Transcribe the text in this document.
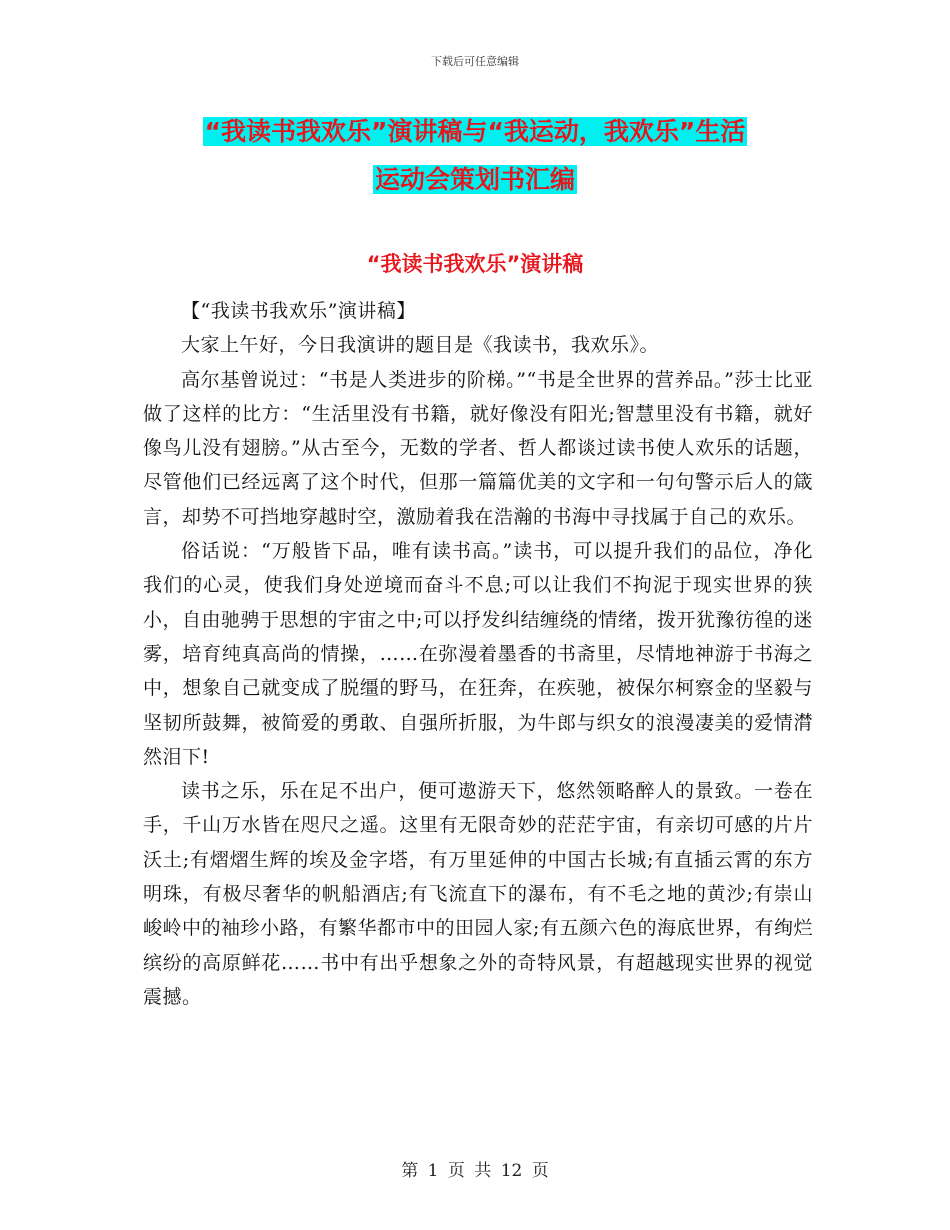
下载后可任意编辑
“我读书我欢乐”演讲稿与“我运动，我欢乐”生活
运动会策划书汇编
“我读书我欢乐”演讲稿

【“我读书我欢乐”演讲稿】

大家上午好，今日我演讲的题目是《我读书，我欢乐》。

高尔基曾说过：“书是人类进步的阶梯。”“书是全世界的营养品。”莎士比亚做了这样的比方：“生活里没有书籍，就好像没有阳光;智慧里没有书籍，就好像鸟儿没有翅膀。”从古至今，无数的学者、哲人都谈过读书使人欢乐的话题，尽管他们已经远离了这个时代，但那一篇篇优美的文字和一句句警示后人的箴言，却势不可挡地穿越时空，激励着我在浩瀚的书海中寻找属于自己的欢乐。

俗话说：“万般皆下品，唯有读书高。”读书，可以提升我们的品位，净化我们的心灵，使我们身处逆境而奋斗不息;可以让我们不拘泥于现实世界的狭小，自由驰骋于思想的宇宙之中;可以抒发纠结缠绕的情绪，拨开犹豫彷徨的迷雾，培育纯真高尚的情操，……在弥漫着墨香的书斋里，尽情地神游于书海之中，想象自己就变成了脱缰的野马，在狂奔，在疾驰，被保尔柯察金的坚毅与坚韧所鼓舞，被简爱的勇敢、自强所折服，为牛郎与织女的浪漫凄美的爱情潸然泪下!

读书之乐，乐在足不出户，便可遨游天下，悠然领略醉人的景致。一卷在手，千山万水皆在咫尺之遥。这里有无限奇妙的茫茫宇宙，有亲切可感的片片沃土;有熠熠生辉的埃及金字塔，有万里延伸的中国古长城;有直插云霄的东方明珠，有极尽奢华的帆船酒店;有飞流直下的瀑布，有不毛之地的黄沙;有崇山峻岭中的袖珍小路，有繁华都市中的田园人家;有五颜六色的海底世界，有绚烂缤纷的高原鲜花……书中有出乎想象之外的奇特风景，有超越现实世界的视觉震撼。

第 1 页 共 12 页
